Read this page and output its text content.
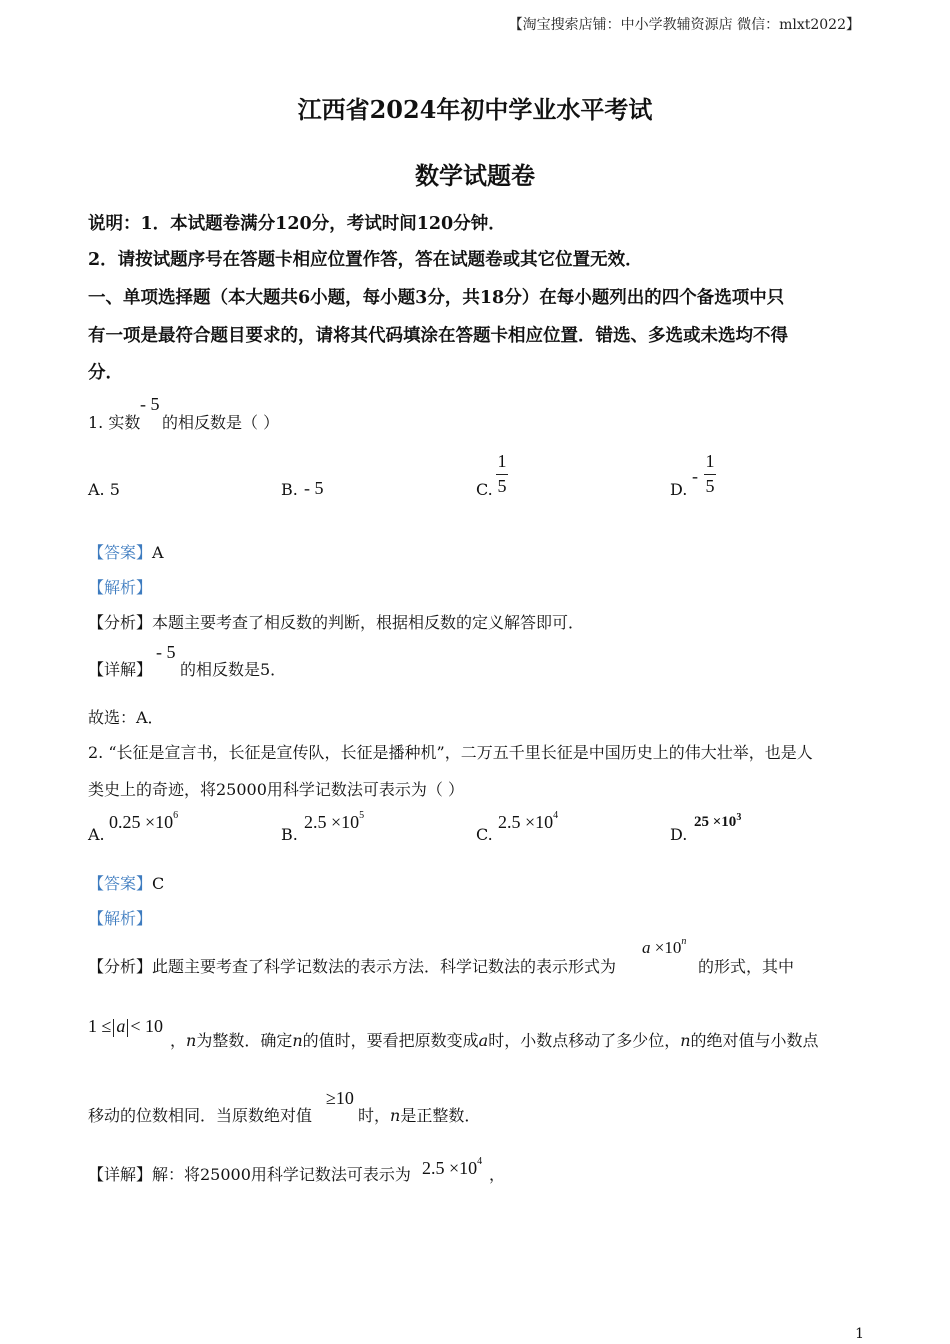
【淘宝搜索店铺：中小学教辅资源店 微信：mlxt2022】
江西省2024年初中学业水平考试
数学试题卷
说明：1．本试题卷满分120分，考试时间120分钟．
2．请按试题序号在答题卡相应位置作答，答在试题卷或其它位置无效．
一、单项选择题（本大题共6小题，每小题3分，共18分）在每小题列出的四个备选项中只
有一项是最符合题目要求的，请将其代码填涂在答题卡相应位置．错选、多选或未选均不得
分．
1. 实数
- 5
的相反数是（ ）
A. 5	B. - 5	C. $\frac{1}{5}$	D.
- $\frac{1}{5}$
【答案】A
【解析】
【分析】本题主要考查了相反数的判断，根据相反数的定义解答即可．
【详解】
- 5
的相反数是5．
故选：A．
2. “长征是宣言书，长征是宣传队，长征是播种机”，二万五千里长征是中国历史上的伟大壮举，也是人
类史上的奇迹，将25000用科学记数法可表示为（ ）
A.
$0.25 \times 10^6$
B.
$2.5 \times 10^5$
C.
$2.5 \times 10^4$
D.
$25 \times 10^3$
【答案】C
【解析】
【分析】此题主要考查了科学记数法的表示方法．科学记数法的表示形式为
$a \times 10^n$
的形式，其中
1 ≤ a < 10
，n为整数．确定n的值时，要看把原数变成a时，小数点移动了多少位，n的绝对值与小数点
移动的位数相同．当原数绝对值
≥10
时，n是正整数．
【详解】解：将25000用科学记数法可表示为 $2.5 \times 10^4$
，
1
